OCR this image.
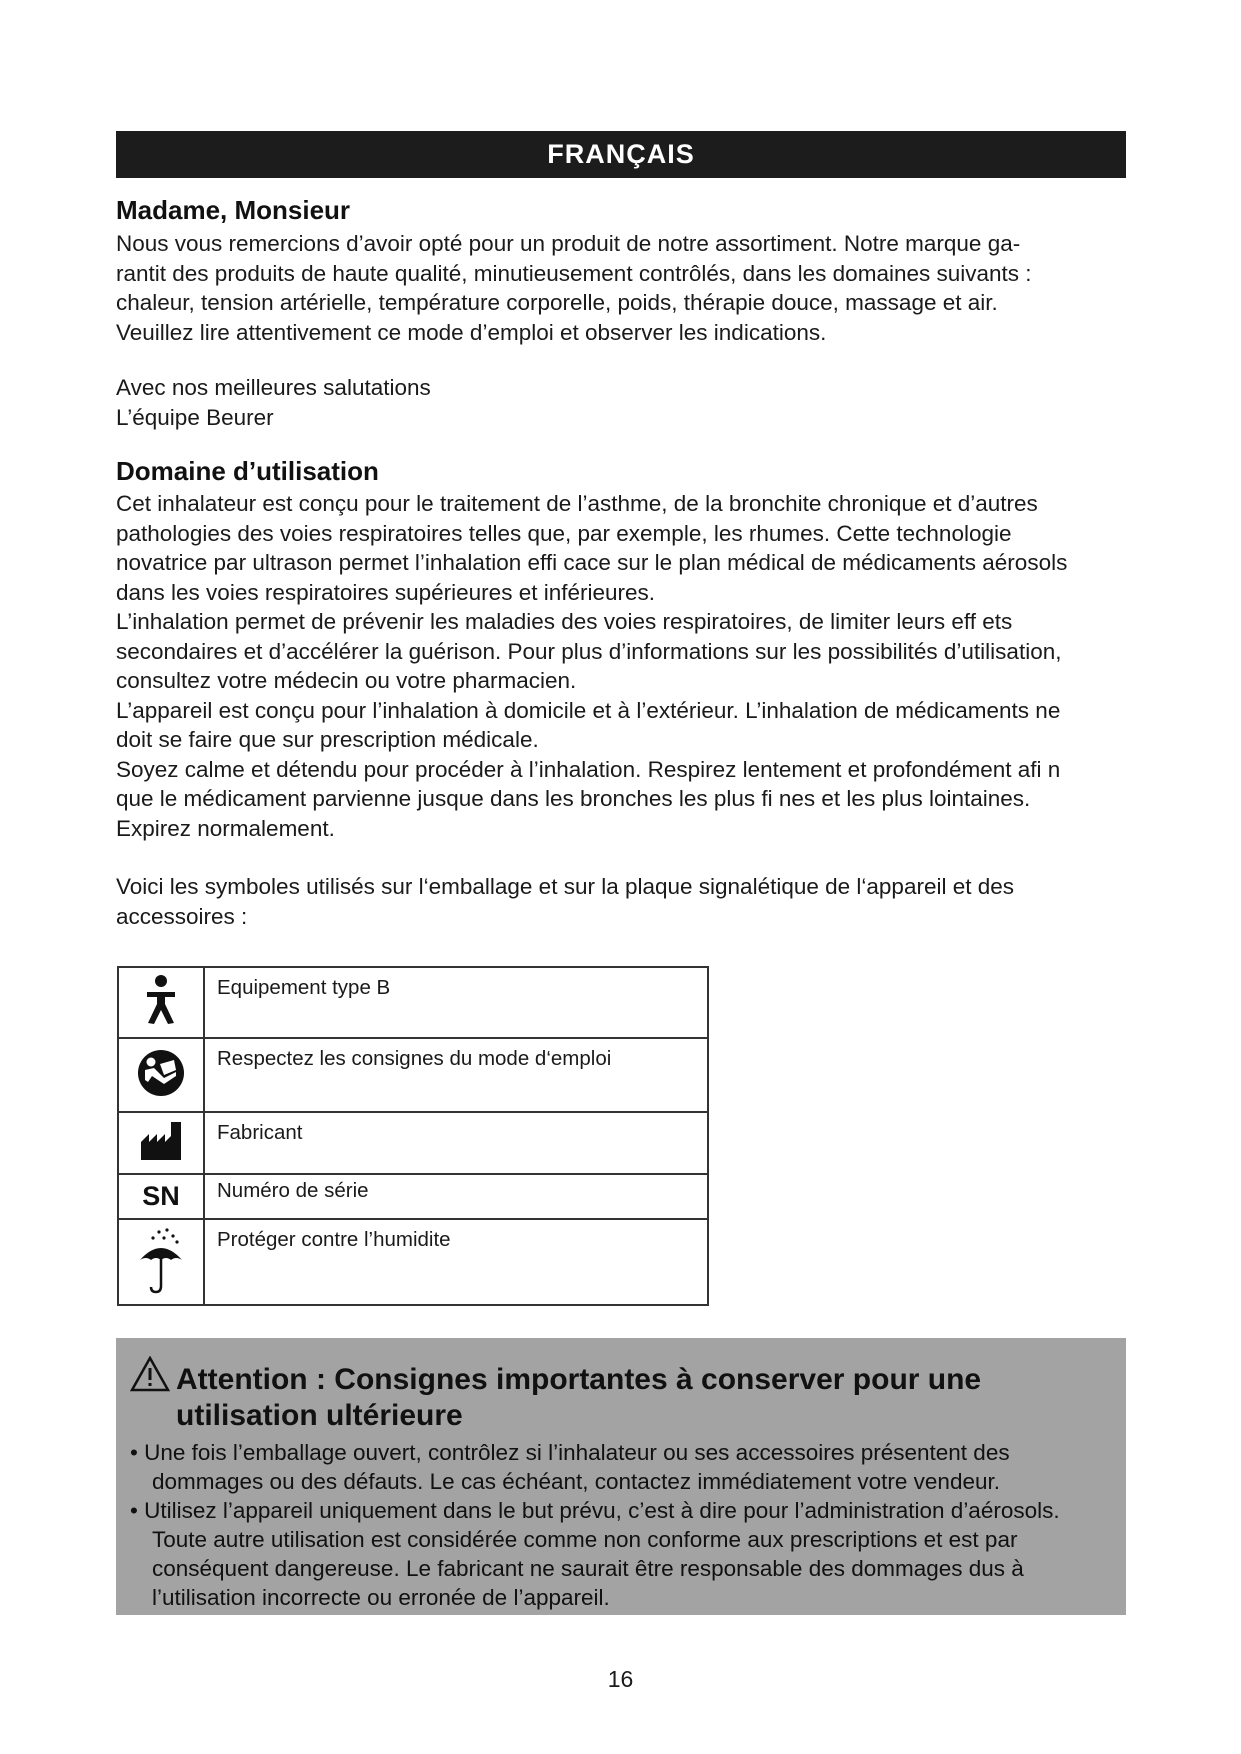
FRANÇAIS
Madame, Monsieur

Nous vous remercions d’avoir opté pour un produit de notre assortiment. Notre marque ga-
rantit des produits de haute qualité, minutieusement contrôlés, dans les domaines suivants :
chaleur, tension artérielle, température corporelle, poids, thérapie douce, massage et air.
Veuillez lire attentivement ce mode d’emploi et observer les indications.

Avec nos meilleures salutations
L’équipe Beurer

Domaine d’utilisation

Cet inhalateur est conçu pour le traitement de l’asthme, de la bronchite chronique et d’autres
pathologies des voies respiratoires telles que, par exemple, les rhumes. Cette technologie
novatrice par ultrason permet l’inhalation effi cace sur le plan médical de médicaments aérosols
dans les voies respiratoires supérieures et inférieures.
L’inhalation permet de prévenir les maladies des voies respiratoires, de limiter leurs eff ets
secondaires et d’accélérer la guérison. Pour plus d’informations sur les possibilités d’utilisation,
consultez votre médecin ou votre pharmacien.
L’appareil est conçu pour l’inhalation à domicile et à l’extérieur. L’inhalation de médicaments ne
doit se faire que sur prescription médicale.
Soyez calme et détendu pour procéder à l’inhalation. Respirez lentement et profondément afi n
que le médicament parvienne jusque dans les bronches les plus fi nes et les plus lointaines.
Expirez normalement.

Voici les symboles utilisés sur l‘emballage et sur la plaque signalétique de l‘appareil et des
accessoires :

	Equipement type B
	Respectez les consignes du mode d‘emploi
	Fabricant
SN	Numéro de série
	Protéger contre l’humidite
Attention : Consignes importantes à conserver pour une
utilisation ultérieure
• Une fois l’emballage ouvert, contrôlez si l’inhalateur ou ses accessoires présentent des
dommages ou des défauts. Le cas échéant, contactez immédiatement votre vendeur.
• Utilisez l’appareil uniquement dans le but prévu, c’est à dire pour l’administration d’aérosols.
Toute autre utilisation est considérée comme non conforme aux prescriptions et est par
conséquent dangereuse. Le fabricant ne saurait être responsable des dommages dus à
l’utilisation incorrecte ou erronée de l’appareil.
16
